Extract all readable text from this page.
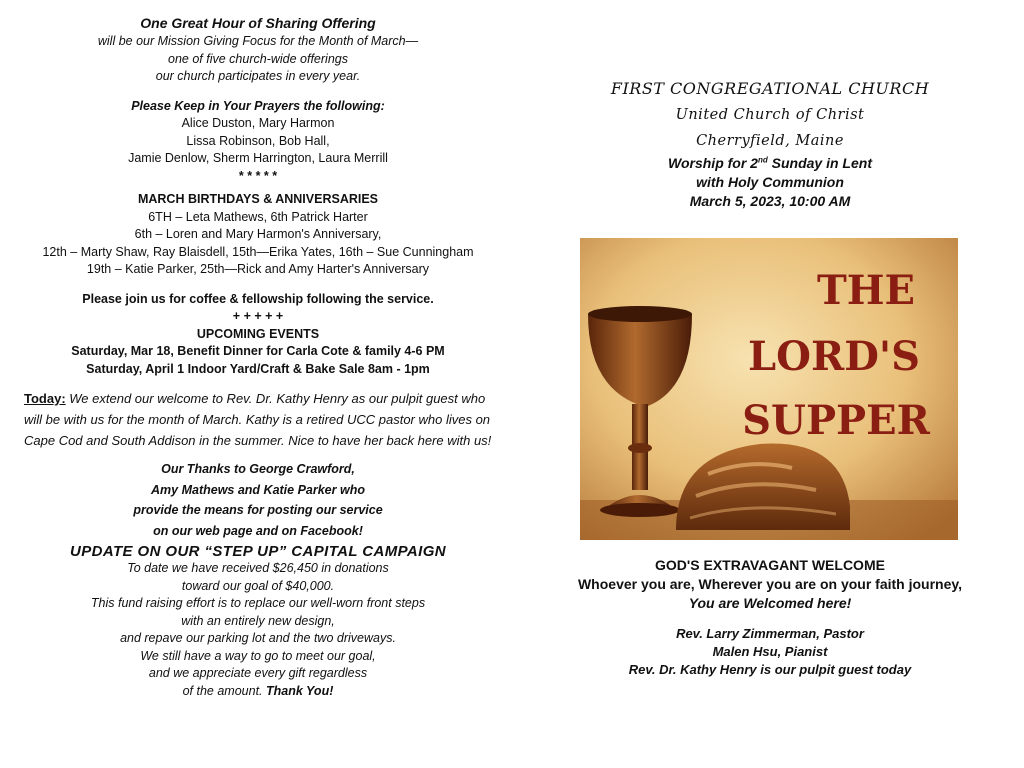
One Great Hour of Sharing Offering
will be our Mission Giving Focus for the Month of March—
one of five church-wide offerings
our church participates in every year.
Please Keep in Your Prayers the following:
Alice Duston, Mary Harmon
Lissa Robinson, Bob Hall,
Jamie Denlow, Sherm Harrington, Laura Merrill
* * * * *
MARCH BIRTHDAYS & ANNIVERSARIES
6TH – Leta Mathews, 6th Patrick Harter
6th – Loren and Mary Harmon's Anniversary,
12th – Marty Shaw, Ray Blaisdell, 15th—Erika Yates, 16th – Sue Cunningham
19th – Katie Parker, 25th—Rick and Amy Harter's Anniversary
Please join us for coffee & fellowship following the service.
+ + + + +
UPCOMING EVENTS
Saturday, Mar 18, Benefit Dinner for Carla Cote & family 4-6 PM
Saturday, April 1 Indoor Yard/Craft & Bake Sale 8am - 1pm
Today: We extend our welcome to Rev. Dr. Kathy Henry as our pulpit guest who will be with us for the month of March. Kathy is a retired UCC pastor who lives on Cape Cod and South Addison in the summer. Nice to have her back here with us!
Our Thanks to George Crawford,
Amy Mathews and Katie Parker who
provide the means for posting our service
on our web page and on Facebook!
UPDATE ON OUR “STEP UP” CAPITAL CAMPAIGN
To date we have received $26,450 in donations
toward our goal of $40,000.
This fund raising effort is to replace our well-worn front steps
with an entirely new design,
and repave our parking lot and the two driveways.
We still have a way to go to meet our goal,
and we appreciate every gift regardless
of the amount. Thank You!
FIRST CONGREGATIONAL CHURCH
United Church of Christ
Cherryfield, Maine
Worship for 2nd Sunday in Lent
with Holy Communion
March 5, 2023, 10:00 AM
THE
LORD'S
SUPPER
GOD'S EXTRAVAGANT WELCOME
Whoever you are, Wherever you are on your faith journey,
You are Welcomed here!
Rev. Larry Zimmerman, Pastor
Malen Hsu, Pianist
Rev. Dr. Kathy Henry is our pulpit guest today
